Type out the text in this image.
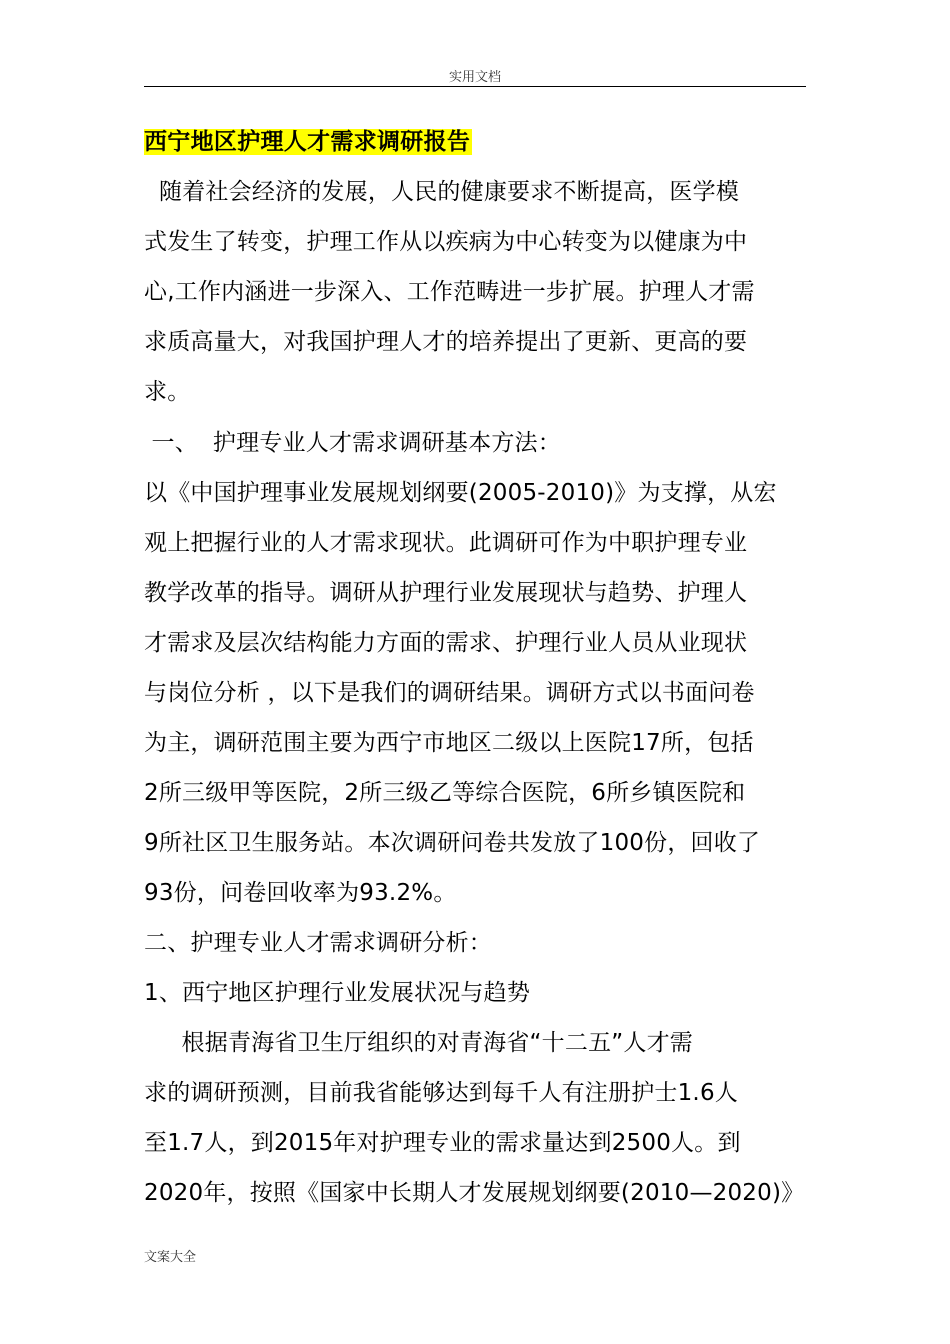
实用文档
西宁地区护理人才需求调研报告
随着社会经济的发展，人民的健康要求不断提高，医学模
式发生了转变，护理工作从以疾病为中心转变为以健康为中
心,工作内涵进一步深入、工作范畴进一步扩展。护理人才需
求质高量大，对我国护理人才的培养提出了更新、更高的要
求。
一、  护理专业人才需求调研基本方法：
以《中国护理事业发展规划纲要(2005-2010)》为支撑，从宏
观上把握行业的人才需求现状。此调研可作为中职护理专业
教学改革的指导。调研从护理行业发展现状与趋势、护理人
才需求及层次结构能力方面的需求、护理行业人员从业现状
与岗位分析 ，以下是我们的调研结果。调研方式以书面问卷
为主，调研范围主要为西宁市地区二级以上医院17所，包括
2所三级甲等医院，2所三级乙等综合医院，6所乡镇医院和
9所社区卫生服务站。本次调研问卷共发放了100份，回收了
93份，问卷回收率为93.2%。
二、护理专业人才需求调研分析：
1、西宁地区护理行业发展状况与趋势
根据青海省卫生厅组织的对青海省“十二五”人才需
求的调研预测，目前我省能够达到每千人有注册护士1.6人
至1.7人，到2015年对护理专业的需求量达到2500人。到
2020年，按照《国家中长期人才发展规划纲要(2010—2020)》
文案大全
